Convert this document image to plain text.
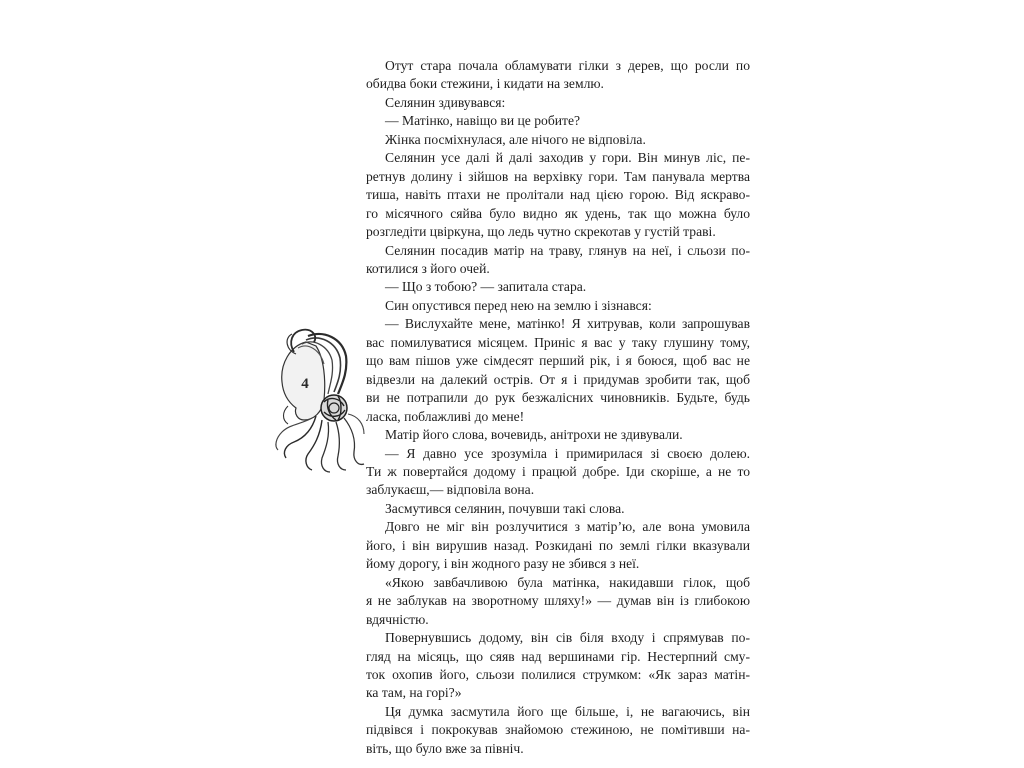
4
Отут стара почала обламувати гілки з дерев, що росли по
обидва боки стежини, і кидати на землю.
Селянин здивувався:
— Матінко, навіщо ви це робите?
Жінка посміхнулася, але нічого не відповіла.
Селянин усе далі й далі заходив у гори. Він минув ліс, пе-
ретнув долину і зійшов на верхівку гори. Там панувала мертва
тиша, навіть птахи не пролітали над цією горою. Від яскраво-
го місячного сяйва було видно як удень, так що можна було
розгледіти цвіркуна, що ледь чутно скрекотав у густій траві.
Селянин посадив матір на траву, глянув на неї, і сльози по-
котилися з його очей.
— Що з тобою? — запитала стара.
Син опустився перед нею на землю і зізнався:
— Вислухайте мене, матінко! Я хитрував, коли запрошував
вас помилуватися місяцем. Приніс я вас у таку глушину тому,
що вам пішов уже сімдесят перший рік, і я боюся, щоб вас не
відвезли на далекий острів. От я і придумав зробити так, щоб
ви не потрапили до рук безжалісних чиновників. Будьте, будь
ласка, поблажливі до мене!
Матір його слова, вочевидь, анітрохи не здивували.
— Я давно усе зрозуміла і примирилася зі своєю долею.
Ти ж повертайся додому і працюй добре. Іди скоріше, а не то
заблукаєш,— відповіла вона.
Засмутився селянин, почувши такі слова.
Довго не міг він розлучитися з матір’ю, але вона умовила
його, і він вирушив назад. Розкидані по землі гілки вказували
йому дорогу, і він жодного разу не збився з неї.
«Якою завбачливою була матінка, накидавши гілок, щоб
я не заблукав на зворотному шляху!» — думав він із глибокою
вдячністю.
Повернувшись додому, він сів біля входу і спрямував по-
гляд на місяць, що сяяв над вершинами гір. Нестерпний сму-
ток охопив його, сльози полилися струмком: «Як зараз матін-
ка там, на горі?»
Ця думка засмутила його ще більше, і, не вагаючись, він
підвівся і покрокував знайомою стежиною, не помітивши на-
віть, що було вже за північ.
